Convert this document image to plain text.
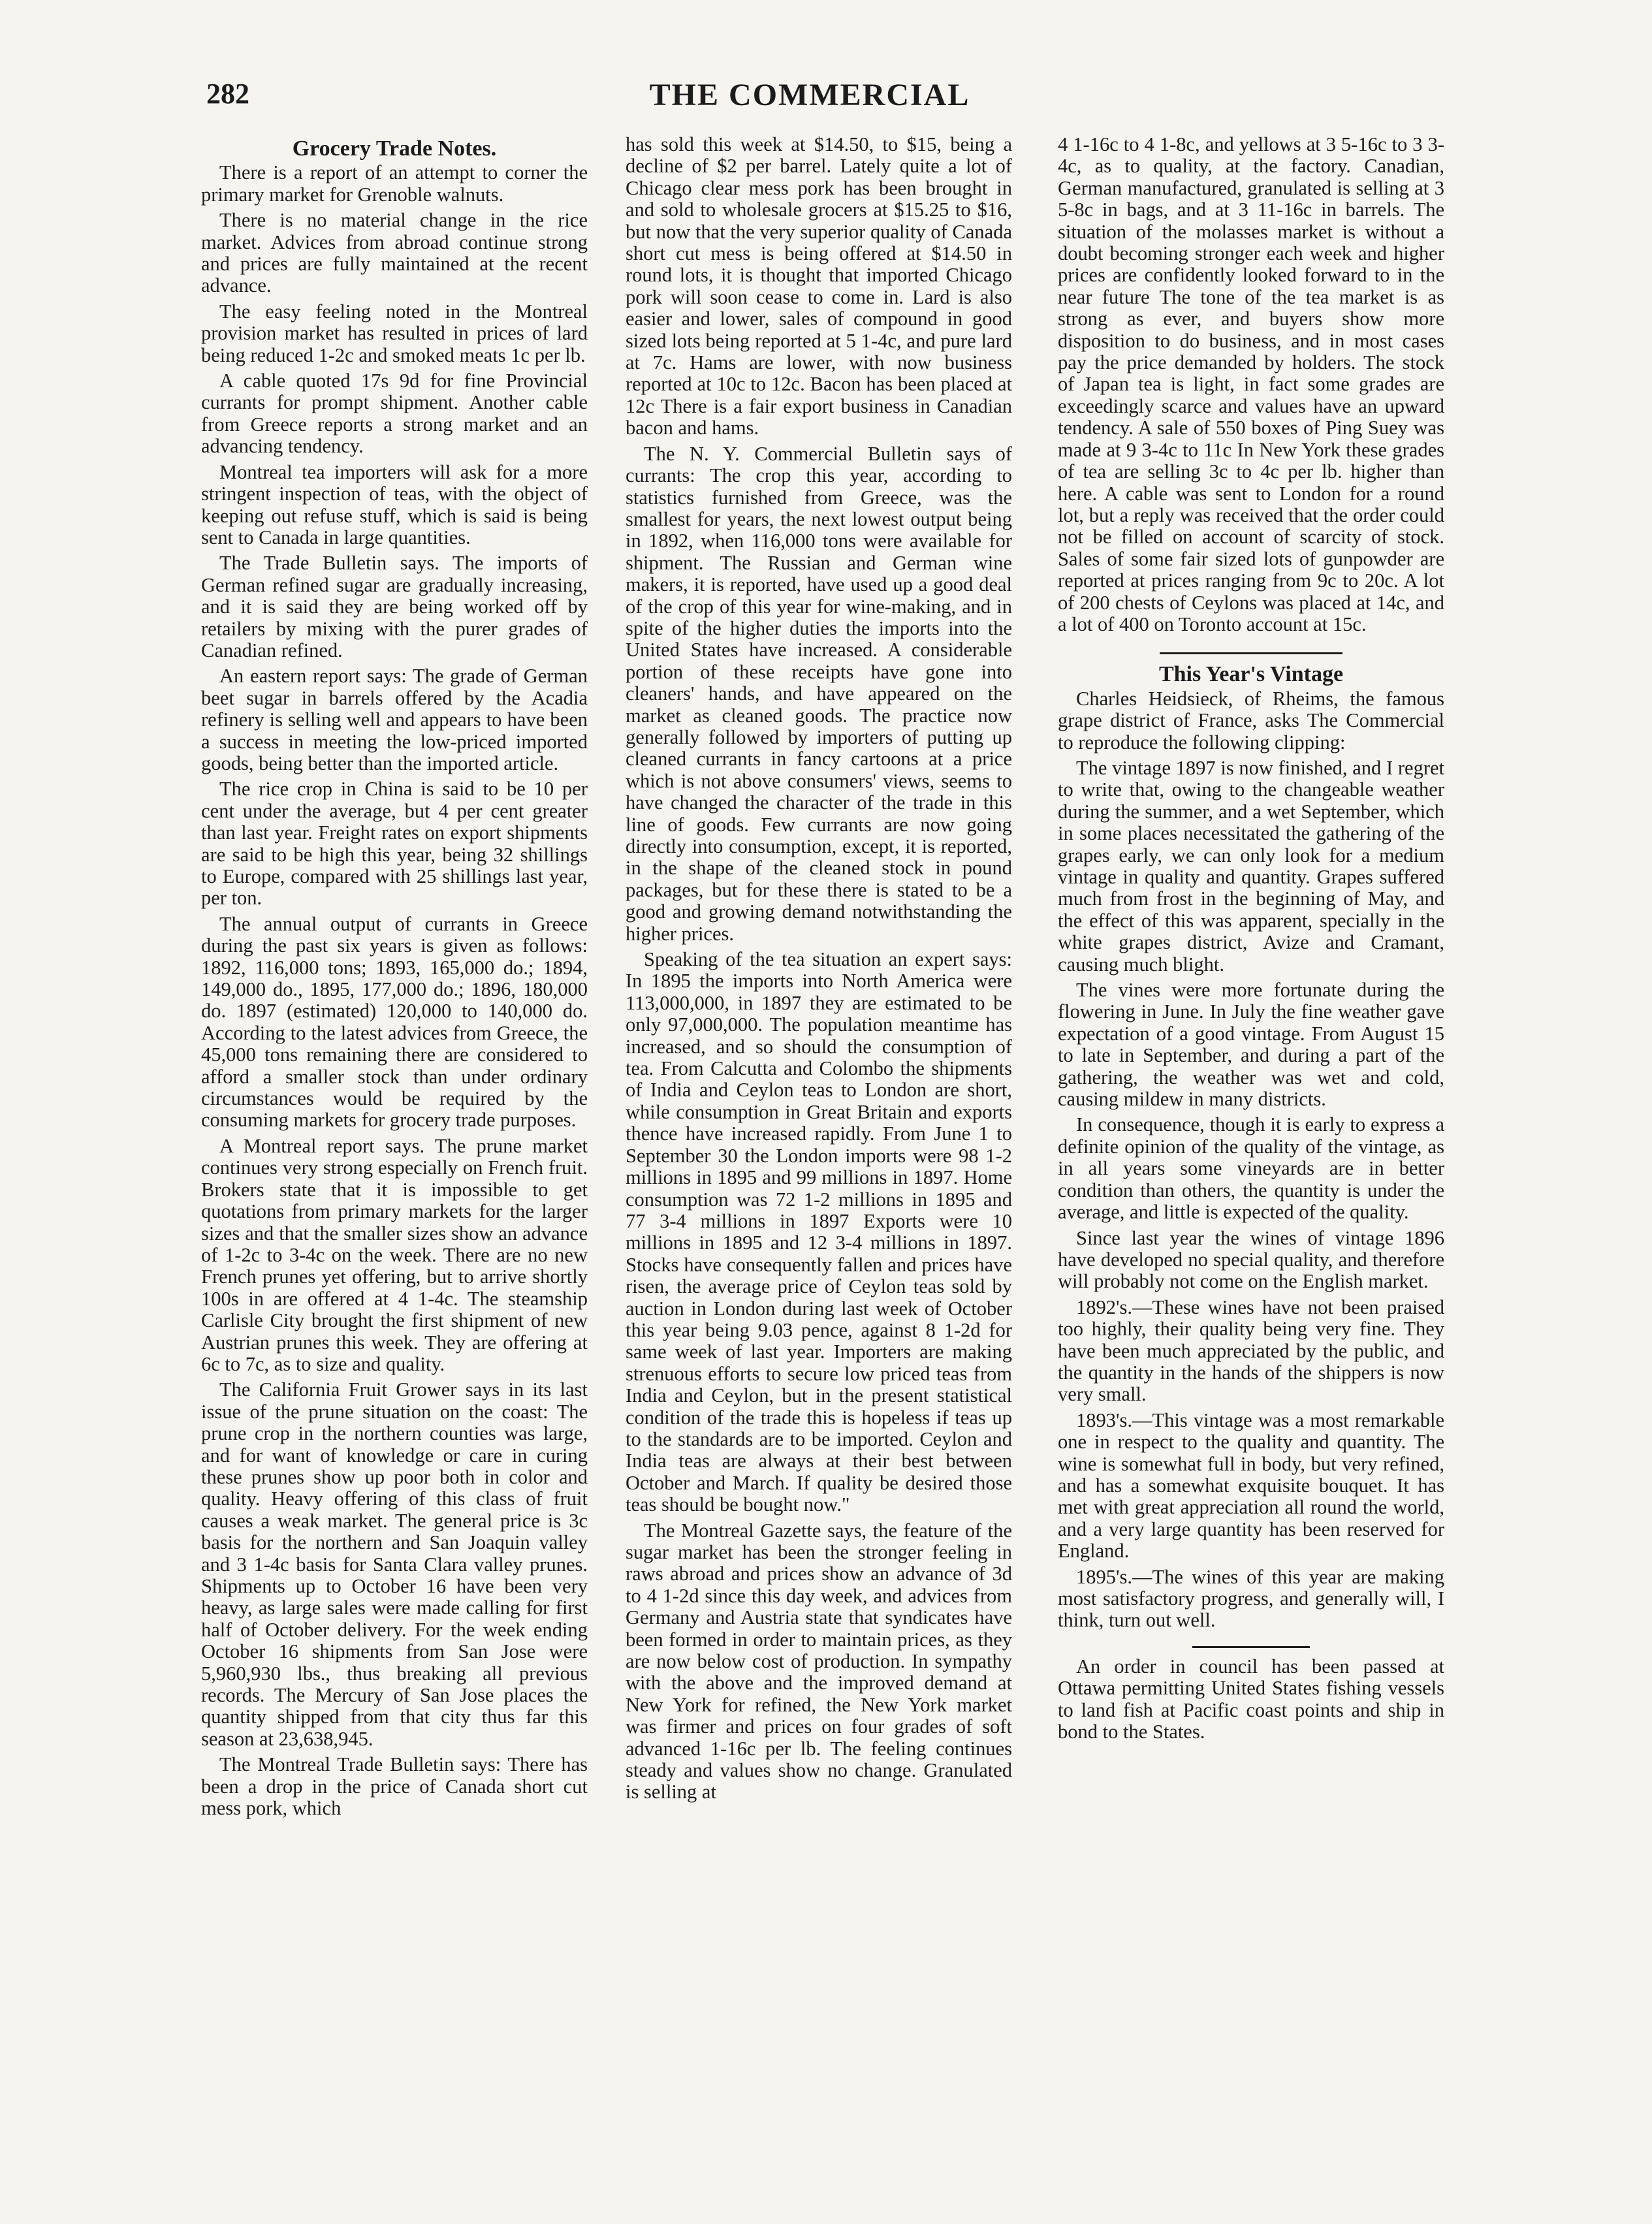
282	THE COMMERCIAL
Grocery Trade Notes.

There is a report of an attempt to corner the primary market for Grenoble walnuts.

There is no material change in the rice market. Advices from abroad continue strong and prices are fully maintained at the recent advance.

The easy feeling noted in the Montreal provision market has resulted in prices of lard being reduced 1-2c and smoked meats 1c per lb.

A cable quoted 17s 9d for fine Provincial currants for prompt shipment. Another cable from Greece reports a strong market and an advancing tendency.

Montreal tea importers will ask for a more stringent inspection of teas, with the object of keeping out refuse stuff, which is said is being sent to Canada in large quantities.

The Trade Bulletin says. The imports of German refined sugar are gradually increasing, and it is said they are being worked off by retailers by mixing with the purer grades of Canadian refined.

An eastern report says: The grade of German beet sugar in barrels offered by the Acadia refinery is selling well and appears to have been a success in meeting the low-priced imported goods, being better than the imported article.

The rice crop in China is said to be 10 per cent under the average, but 4 per cent greater than last year. Freight rates on export shipments are said to be high this year, being 32 shillings to Europe, compared with 25 shillings last year, per ton.

The annual output of currants in Greece during the past six years is given as follows: 1892, 116,000 tons; 1893, 165,000 do.; 1894, 149,000 do., 1895, 177,000 do.; 1896, 180,000 do. 1897 (estimated) 120,000 to 140,000 do. According to the latest advices from Greece, the 45,000 tons remaining there are considered to afford a smaller stock than under ordinary circumstances would be required by the consuming markets for grocery trade purposes.

A Montreal report says. The prune market continues very strong especially on French fruit. Brokers state that it is impossible to get quotations from primary markets for the larger sizes and that the smaller sizes show an advance of 1-2c to 3-4c on the week. There are no new French prunes yet offering, but to arrive shortly 100s in are offered at 4 1-4c. The steamship Carlisle City brought the first shipment of new Austrian prunes this week. They are offering at 6c to 7c, as to size and quality.

The California Fruit Grower says in its last issue of the prune situation on the coast: The prune crop in the northern counties was large, and for want of knowledge or care in curing these prunes show up poor both in color and quality. Heavy offering of this class of fruit causes a weak market. The general price is 3c basis for the northern and San Joaquin valley and 3 1-4c basis for Santa Clara valley prunes. Shipments up to October 16 have been very heavy, as large sales were made calling for first half of October delivery. For the week ending October 16 shipments from San Jose were 5,960,930 lbs., thus breaking all previous records. The Mercury of San Jose places the quantity shipped from that city thus far this season at 23,638,945.

The Montreal Trade Bulletin says: There has been a drop in the price of Canada short cut mess pork, which

has sold this week at $14.50, to $15, being a decline of $2 per barrel. Lately quite a lot of Chicago clear mess pork has been brought in and sold to wholesale grocers at $15.25 to $16, but now that the very superior quality of Canada short cut mess is being offered at $14.50 in round lots, it is thought that imported Chicago pork will soon cease to come in. Lard is also easier and lower, sales of compound in good sized lots being reported at 5 1-4c, and pure lard at 7c. Hams are lower, with now business reported at 10c to 12c. Bacon has been placed at 12c There is a fair export business in Canadian bacon and hams.

The N. Y. Commercial Bulletin says of currants: The crop this year, according to statistics furnished from Greece, was the smallest for years, the next lowest output being in 1892, when 116,000 tons were available for shipment. The Russian and German wine makers, it is reported, have used up a good deal of the crop of this year for wine-making, and in spite of the higher duties the imports into the United States have increased. A considerable portion of these receipts have gone into cleaners' hands, and have appeared on the market as cleaned goods. The practice now generally followed by importers of putting up cleaned currants in fancy cartoons at a price which is not above consumers' views, seems to have changed the character of the trade in this line of goods. Few currants are now going directly into consumption, except, it is reported, in the shape of the cleaned stock in pound packages, but for these there is stated to be a good and growing demand notwithstanding the higher prices.

Speaking of the tea situation an expert says: In 1895 the imports into North America were 113,000,000, in 1897 they are estimated to be only 97,000,000. The population meantime has increased, and so should the consumption of tea. From Calcutta and Colombo the shipments of India and Ceylon teas to London are short, while consumption in Great Britain and exports thence have increased rapidly. From June 1 to September 30 the London imports were 98 1-2 millions in 1895 and 99 millions in 1897. Home consumption was 72 1-2 millions in 1895 and 77 3-4 millions in 1897 Exports were 10 millions in 1895 and 12 3-4 millions in 1897. Stocks have consequently fallen and prices have risen, the average price of Ceylon teas sold by auction in London during last week of October this year being 9.03 pence, against 8 1-2d for same week of last year. Importers are making strenuous efforts to secure low priced teas from India and Ceylon, but in the present statistical condition of the trade this is hopeless if teas up to the standards are to be imported. Ceylon and India teas are always at their best between October and March. If quality be desired those teas should be bought now."

The Montreal Gazette says, the feature of the sugar market has been the stronger feeling in raws abroad and prices show an advance of 3d to 4 1-2d since this day week, and advices from Germany and Austria state that syndicates have been formed in order to maintain prices, as they are now below cost of production. In sympathy with the above and the improved demand at New York for refined, the New York market was firmer and prices on four grades of soft advanced 1-16c per lb. The feeling continues steady and values show no change. Granulated is selling at

4 1-16c to 4 1-8c, and yellows at 3 5-16c to 3 3-4c, as to quality, at the factory. Canadian, German manufactured, granulated is selling at 3 5-8c in bags, and at 3 11-16c in barrels. The situation of the molasses market is without a doubt becoming stronger each week and higher prices are confidently looked forward to in the near future The tone of the tea market is as strong as ever, and buyers show more disposition to do business, and in most cases pay the price demanded by holders. The stock of Japan tea is light, in fact some grades are exceedingly scarce and values have an upward tendency. A sale of 550 boxes of Ping Suey was made at 9 3-4c to 11c In New York these grades of tea are selling 3c to 4c per lb. higher than here. A cable was sent to London for a round lot, but a reply was received that the order could not be filled on account of scarcity of stock. Sales of some fair sized lots of gunpowder are reported at prices ranging from 9c to 20c. A lot of 200 chests of Ceylons was placed at 14c, and a lot of 400 on Toronto account at 15c.

This Year's Vintage

Charles Heidsieck, of Rheims, the famous grape district of France, asks The Commercial to reproduce the following clipping:

The vintage 1897 is now finished, and I regret to write that, owing to the changeable weather during the summer, and a wet September, which in some places necessitated the gathering of the grapes early, we can only look for a medium vintage in quality and quantity. Grapes suffered much from frost in the beginning of May, and the effect of this was apparent, specially in the white grapes district, Avize and Cramant, causing much blight.

The vines were more fortunate during the flowering in June. In July the fine weather gave expectation of a good vintage. From August 15 to late in September, and during a part of the gathering, the weather was wet and cold, causing mildew in many districts.

In consequence, though it is early to express a definite opinion of the quality of the vintage, as in all years some vineyards are in better condition than others, the quantity is under the average, and little is expected of the quality.

Since last year the wines of vintage 1896 have developed no special quality, and therefore will probably not come on the English market.

1892's.—These wines have not been praised too highly, their quality being very fine. They have been much appreciated by the public, and the quantity in the hands of the shippers is now very small.

1893's.—This vintage was a most remarkable one in respect to the quality and quantity. The wine is somewhat full in body, but very refined, and has a somewhat exquisite bouquet. It has met with great appreciation all round the world, and a very large quantity has been reserved for England.

1895's.—The wines of this year are making most satisfactory progress, and generally will, I think, turn out well.

An order in council has been passed at Ottawa permitting United States fishing vessels to land fish at Pacific coast points and ship in bond to the States.
